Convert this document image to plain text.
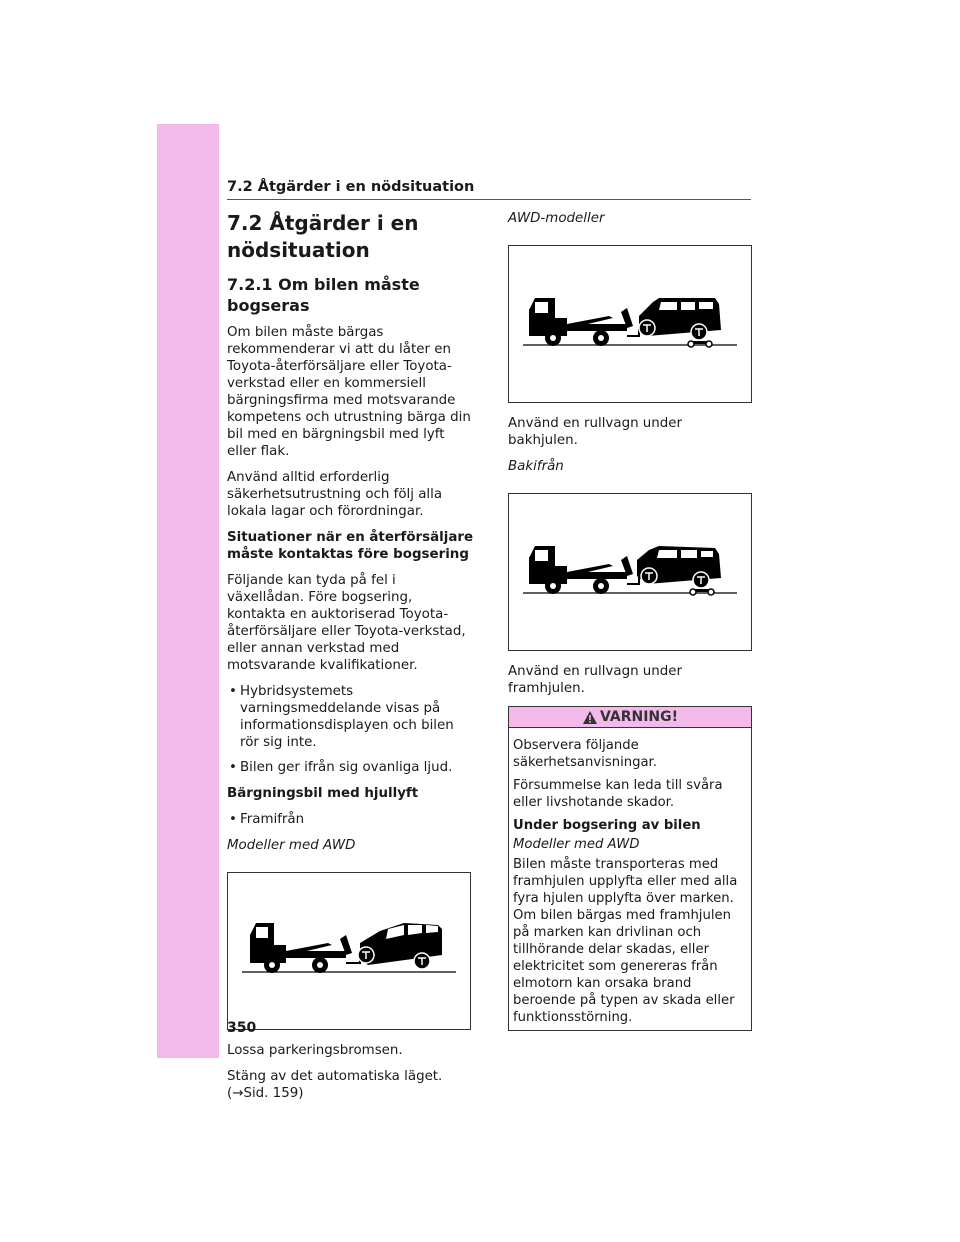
7.2 Åtgärder i en nödsituation
7.2 Åtgärder i en nödsituation
7.2.1 Om bilen måste bogseras

Om bilen måste bärgas rekommenderar vi att du låter en Toyota-återförsäljare eller Toyota-verkstad eller en kommersiell bärgningsfirma med motsvarande kompetens och utrustning bärga din bil med en bärgningsbil med lyft eller flak.

Använd alltid erforderlig säkerhetsutrustning och följ alla lokala lagar och förordningar.

Situationer när en återförsäljare måste kontaktas före bogsering

Följande kan tyda på fel i växellådan. Före bogsering, kontakta en auktoriserad Toyota-återförsäljare eller Toyota-verkstad, eller annan verkstad med motsvarande kvalifikationer.

• Hybridsystemets varningsmeddelande visas på informationsdisplayen och bilen rör sig inte.
• Bilen ger ifrån sig ovanliga ljud.

Bärgningsbil med hjullyft

• Framifrån

Modeller med AWD

Lossa parkeringsbromsen.

Stäng av det automatiska läget. (→Sid. 159)

AWD-modeller

Använd en rullvagn under bakhjulen.

Bakifrån

Använd en rullvagn under framhjulen.

VARNING!

Observera följande säkerhetsanvisningar.

Försummelse kan leda till svåra eller livshotande skador.

Under bogsering av bilen

Modeller med AWD

Bilen måste transporteras med framhjulen upplyfta eller med alla fyra hjulen upplyfta över marken. Om bilen bärgas med framhjulen på marken kan drivlinan och tillhörande delar skadas, eller elektricitet som genereras från elmotorn kan orsaka brand beroende på typen av skada eller funktionsstörning.

350
